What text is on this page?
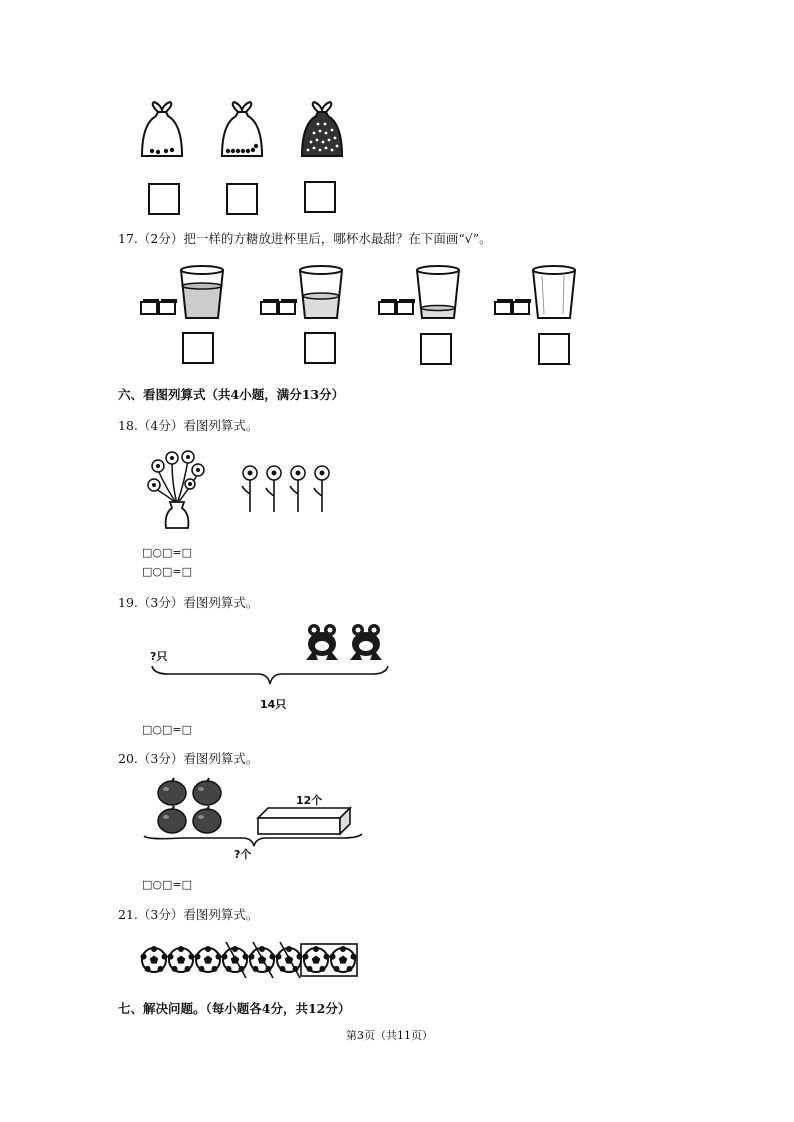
17.（2分）把一样的方糖放进杯里后，哪杯水最甜？在下面画“√”。
六、看图列算式（共4小题，满分13分）
18.（4分）看图列算式。
□○□=□
□○□=□
19.（3分）看图列算式。
?只
14只
□○□=□
20.（3分）看图列算式。
12个
?个
□○□=□
21.（3分）看图列算式。
七、解决问题。（每小题各4分，共12分）
第3页（共11页）
